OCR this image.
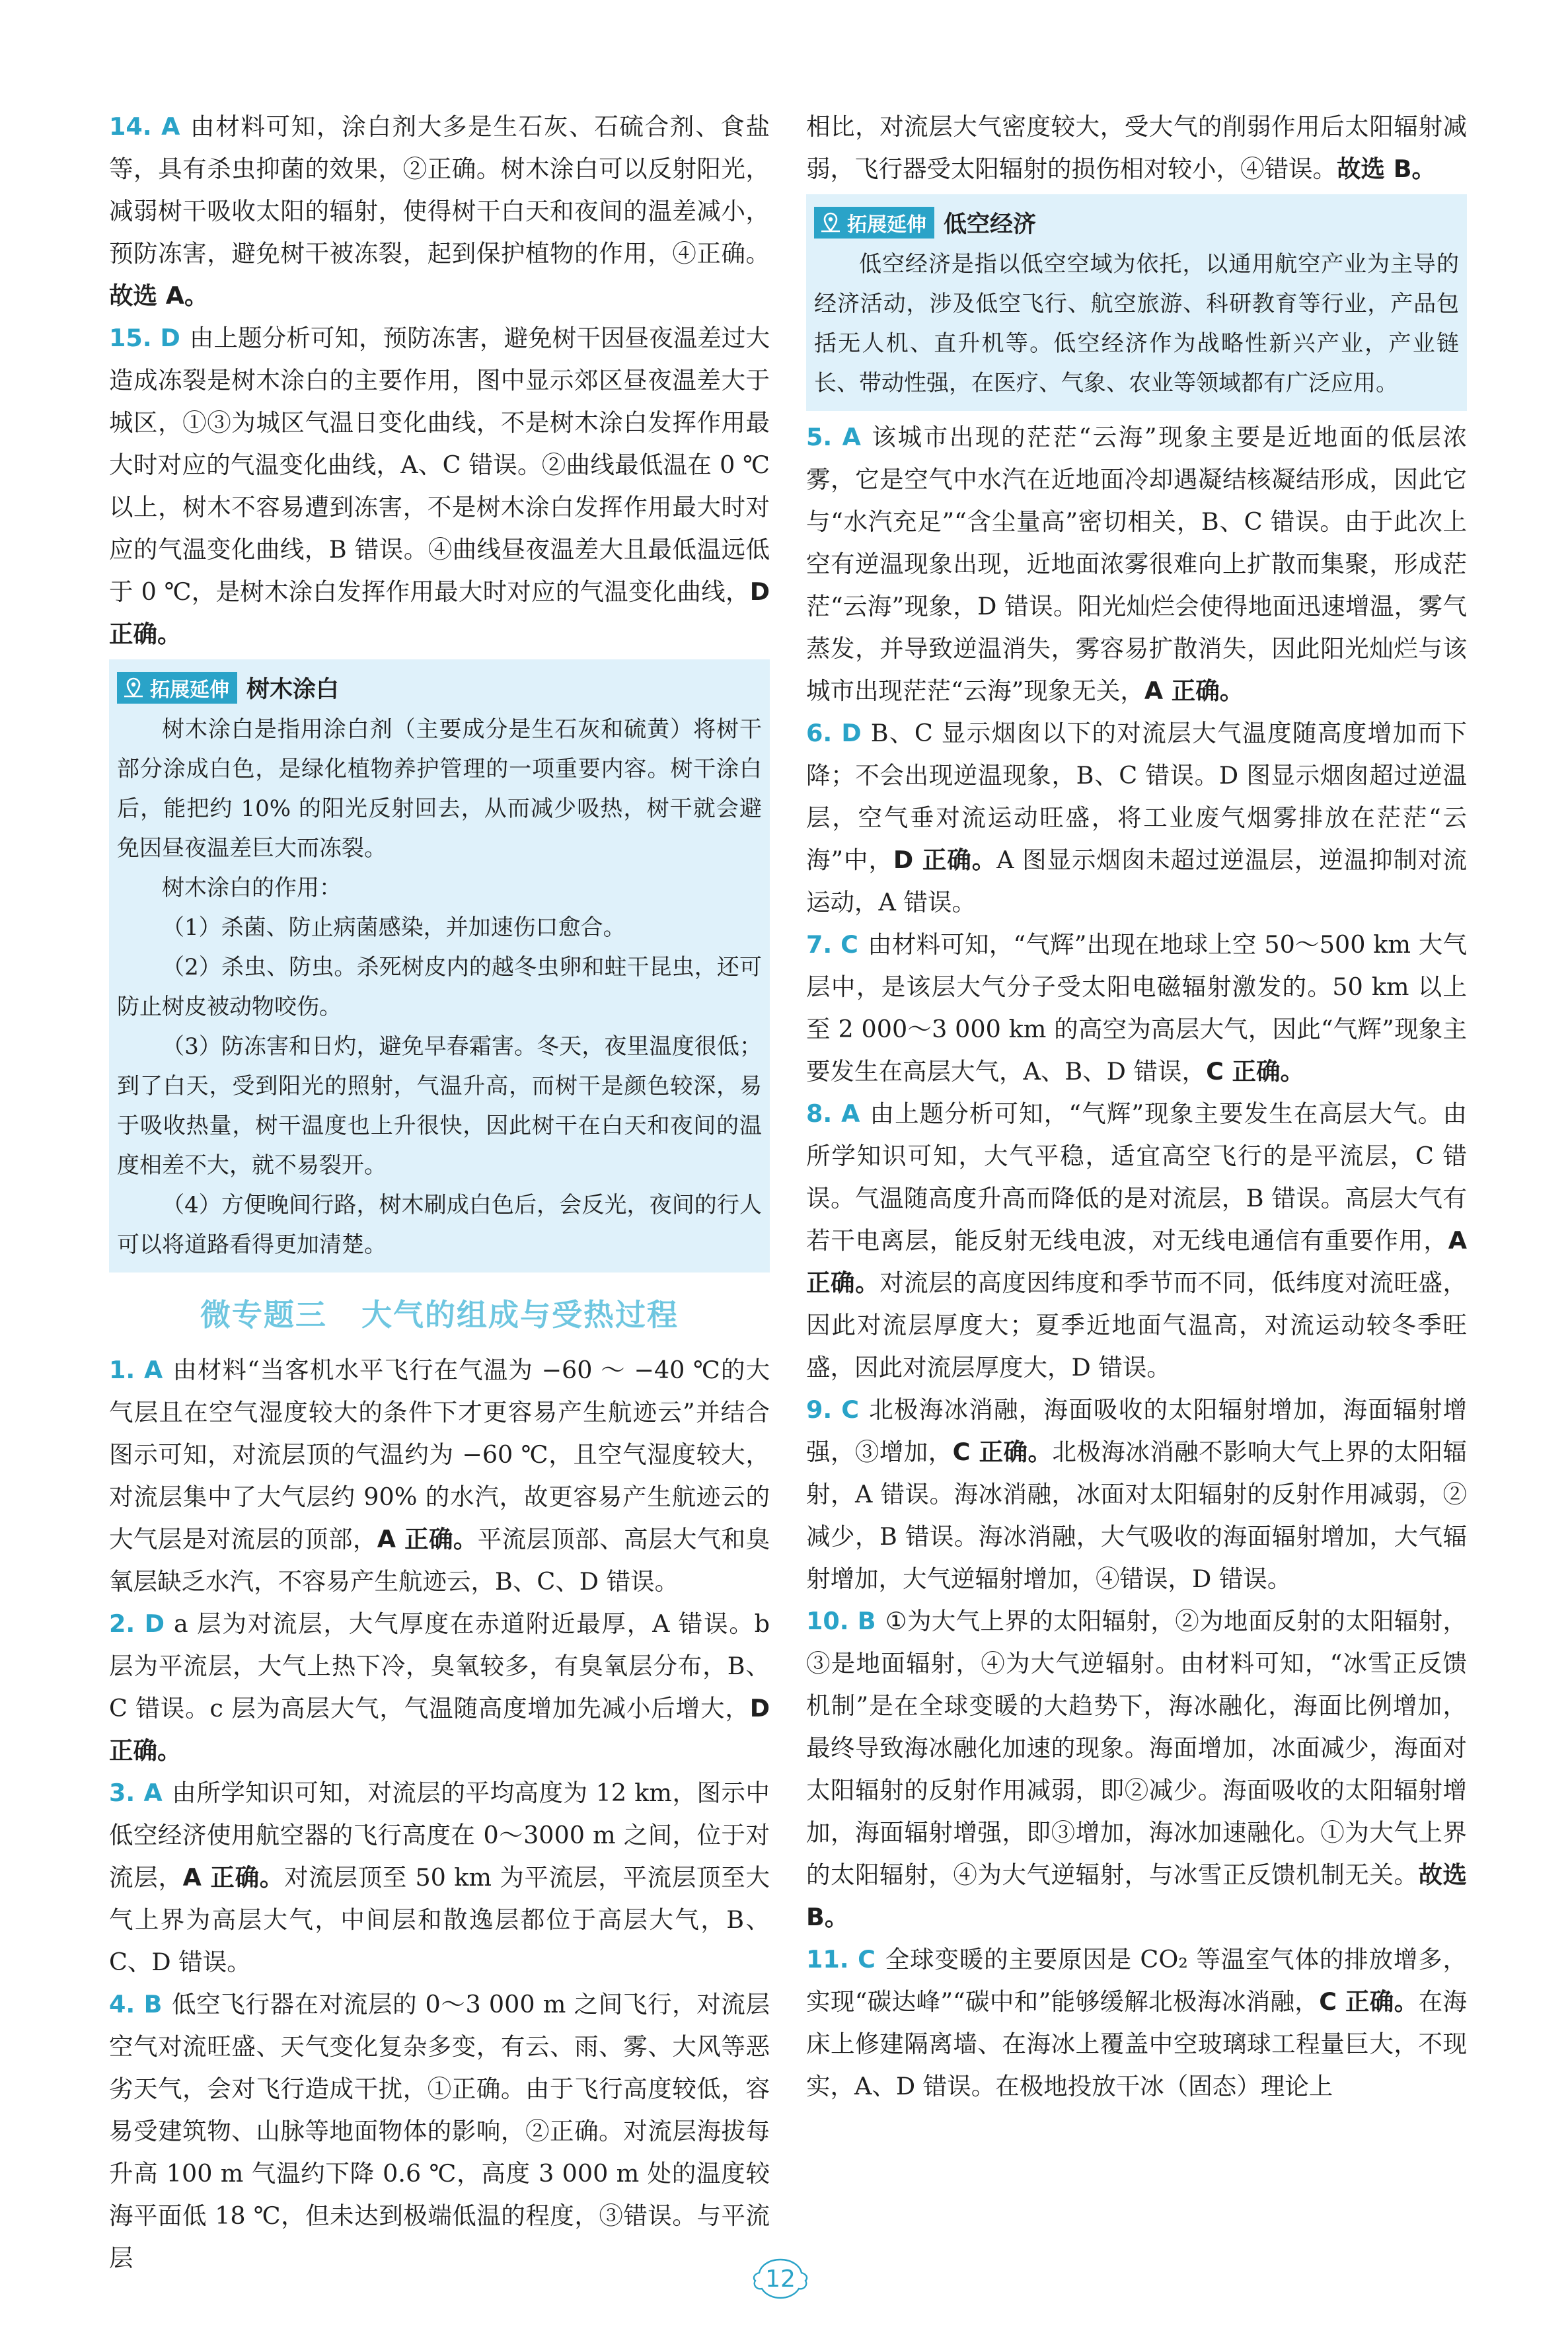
14. A 由材料可知，涂白剂大多是生石灰、石硫合剂、食盐等，具有杀虫抑菌的效果，②正确。树木涂白可以反射阳光，减弱树干吸收太阳的辐射，使得树干白天和夜间的温差减小，预防冻害，避免树干被冻裂，起到保护植物的作用，④正确。故选 A。

15. D 由上题分析可知，预防冻害，避免树干因昼夜温差过大造成冻裂是树木涂白的主要作用，图中显示郊区昼夜温差大于城区，①③为城区气温日变化曲线，不是树木涂白发挥作用最大时对应的气温变化曲线，A、C 错误。②曲线最低温在 0 ℃以上，树木不容易遭到冻害，不是树木涂白发挥作用最大时对应的气温变化曲线，B 错误。④曲线昼夜温差大且最低温远低于 0 ℃，是树木涂白发挥作用最大时对应的气温变化曲线，D 正确。

拓展延伸 树木涂白

树木涂白是指用涂白剂（主要成分是生石灰和硫黄）将树干部分涂成白色，是绿化植物养护管理的一项重要内容。树干涂白后，能把约 10% 的阳光反射回去，从而减少吸热，树干就会避免因昼夜温差巨大而冻裂。

树木涂白的作用：

（1）杀菌、防止病菌感染，并加速伤口愈合。

（2）杀虫、防虫。杀死树皮内的越冬虫卵和蛀干昆虫，还可防止树皮被动物咬伤。

（3）防冻害和日灼，避免早春霜害。冬天，夜里温度很低；到了白天，受到阳光的照射，气温升高，而树干是颜色较深，易于吸收热量，树干温度也上升很快，因此树干在白天和夜间的温度相差不大，就不易裂开。

（4）方便晚间行路，树木刷成白色后，会反光，夜间的行人可以将道路看得更加清楚。

微专题三 大气的组成与受热过程

1. A 由材料“当客机水平飞行在气温为 −60 ～ −40 ℃的大气层且在空气湿度较大的条件下才更容易产生航迹云”并结合图示可知，对流层顶的气温约为 −60 ℃，且空气湿度较大，对流层集中了大气层约 90% 的水汽，故更容易产生航迹云的大气层是对流层的顶部，A 正确。平流层顶部、高层大气和臭氧层缺乏水汽，不容易产生航迹云，B、C、D 错误。

2. D a 层为对流层，大气厚度在赤道附近最厚，A 错误。b 层为平流层，大气上热下冷，臭氧较多，有臭氧层分布，B、C 错误。c 层为高层大气，气温随高度增加先减小后增大，D 正确。

3. A 由所学知识可知，对流层的平均高度为 12 km，图示中低空经济使用航空器的飞行高度在 0～3000 m 之间，位于对流层，A 正确。对流层顶至 50 km 为平流层，平流层顶至大气上界为高层大气，中间层和散逸层都位于高层大气，B、C、D 错误。

4. B 低空飞行器在对流层的 0～3 000 m 之间飞行，对流层空气对流旺盛、天气变化复杂多变，有云、雨、雾、大风等恶劣天气，会对飞行造成干扰，①正确。由于飞行高度较低，容易受建筑物、山脉等地面物体的影响，②正确。对流层海拔每升高 100 m 气温约下降 0.6 ℃，高度 3 000 m 处的温度较海平面低 18 ℃，但未达到极端低温的程度，③错误。与平流层

相比，对流层大气密度较大，受大气的削弱作用后太阳辐射减弱，飞行器受太阳辐射的损伤相对较小，④错误。故选 B。

拓展延伸 低空经济

低空经济是指以低空空域为依托，以通用航空产业为主导的经济活动，涉及低空飞行、航空旅游、科研教育等行业，产品包括无人机、直升机等。低空经济作为战略性新兴产业，产业链长、带动性强，在医疗、气象、农业等领域都有广泛应用。

5. A 该城市出现的茫茫“云海”现象主要是近地面的低层浓雾，它是空气中水汽在近地面冷却遇凝结核凝结形成，因此它与“水汽充足”“含尘量高”密切相关，B、C 错误。由于此次上空有逆温现象出现，近地面浓雾很难向上扩散而集聚，形成茫茫“云海”现象，D 错误。阳光灿烂会使得地面迅速增温，雾气蒸发，并导致逆温消失，雾容易扩散消失，因此阳光灿烂与该城市出现茫茫“云海”现象无关，A 正确。

6. D B、C 显示烟囱以下的对流层大气温度随高度增加而下降；不会出现逆温现象，B、C 错误。D 图显示烟囱超过逆温层，空气垂对流运动旺盛，将工业废气烟雾排放在茫茫“云海”中，D 正确。A 图显示烟囱未超过逆温层，逆温抑制对流运动，A 错误。

7. C 由材料可知，“气辉”出现在地球上空 50～500 km 大气层中，是该层大气分子受太阳电磁辐射激发的。50 km 以上至 2 000～3 000 km 的高空为高层大气，因此“气辉”现象主要发生在高层大气，A、B、D 错误，C 正确。

8. A 由上题分析可知，“气辉”现象主要发生在高层大气。由所学知识可知，大气平稳，适宜高空飞行的是平流层，C 错误。气温随高度升高而降低的是对流层，B 错误。高层大气有若干电离层，能反射无线电波，对无线电通信有重要作用，A 正确。对流层的高度因纬度和季节而不同，低纬度对流旺盛，因此对流层厚度大；夏季近地面气温高，对流运动较冬季旺盛，因此对流层厚度大，D 错误。

9. C 北极海冰消融，海面吸收的太阳辐射增加，海面辐射增强，③增加，C 正确。北极海冰消融不影响大气上界的太阳辐射，A 错误。海冰消融，冰面对太阳辐射的反射作用减弱，②减少，B 错误。海冰消融，大气吸收的海面辐射增加，大气辐射增加，大气逆辐射增加，④错误，D 错误。

10. B ①为大气上界的太阳辐射，②为地面反射的太阳辐射，③是地面辐射，④为大气逆辐射。由材料可知，“冰雪正反馈机制”是在全球变暖的大趋势下，海冰融化，海面比例增加，最终导致海冰融化加速的现象。海面增加，冰面减少，海面对太阳辐射的反射作用减弱，即②减少。海面吸收的太阳辐射增加，海面辐射增强，即③增加，海冰加速融化。①为大气上界的太阳辐射，④为大气逆辐射，与冰雪正反馈机制无关。故选 B。

11. C 全球变暖的主要原因是 CO₂ 等温室气体的排放增多，实现“碳达峰”“碳中和”能够缓解北极海冰消融，C 正确。在海床上修建隔离墙、在海冰上覆盖中空玻璃球工程量巨大，不现实，A、D 错误。在极地投放干冰（固态）理论上

12
